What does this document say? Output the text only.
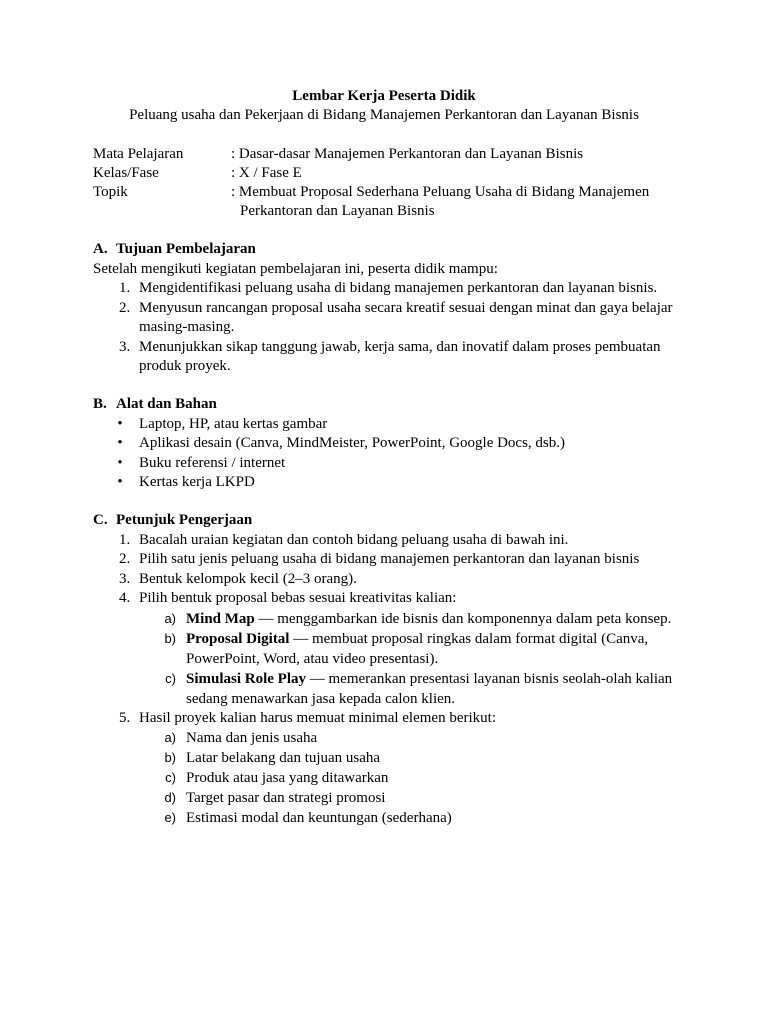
Lembar Kerja Peserta Didik
Peluang usaha dan Pekerjaan di Bidang Manajemen Perkantoran dan Layanan Bisnis
Mata Pelajaran	: Dasar-dasar Manajemen Perkantoran dan Layanan Bisnis
Kelas/Fase	: X / Fase E
Topik	: Membuat Proposal Sederhana Peluang Usaha di Bidang Manajemen
Perkantoran dan Layanan Bisnis
A. Tujuan Pembelajaran
Setelah mengikuti kegiatan pembelajaran ini, peserta didik mampu:
1. Mengidentifikasi peluang usaha di bidang manajemen perkantoran dan layanan bisnis.
2. Menyusun rancangan proposal usaha secara kreatif sesuai dengan minat dan gaya belajar masing-masing.
3. Menunjukkan sikap tanggung jawab, kerja sama, dan inovatif dalam proses pembuatan produk proyek.
B. Alat dan Bahan
•	Laptop, HP, atau kertas gambar
•	Aplikasi desain (Canva, MindMeister, PowerPoint, Google Docs, dsb.)
•	Buku referensi / internet
•	Kertas kerja LKPD
C. Petunjuk Pengerjaan
1. Bacalah uraian kegiatan dan contoh bidang peluang usaha di bawah ini.
2. Pilih satu jenis peluang usaha di bidang manajemen perkantoran dan layanan bisnis
3. Bentuk kelompok kecil (2–3 orang).
4. Pilih bentuk proposal bebas sesuai kreativitas kalian:
a) Mind Map — menggambarkan ide bisnis dan komponennya dalam peta konsep.
b) Proposal Digital — membuat proposal ringkas dalam format digital (Canva, PowerPoint, Word, atau video presentasi).
c) Simulasi Role Play — memerankan presentasi layanan bisnis seolah-olah kalian sedang menawarkan jasa kepada calon klien.
5. Hasil proyek kalian harus memuat minimal elemen berikut:
a) Nama dan jenis usaha
b) Latar belakang dan tujuan usaha
c) Produk atau jasa yang ditawarkan
d) Target pasar dan strategi promosi
e) Estimasi modal dan keuntungan (sederhana)
